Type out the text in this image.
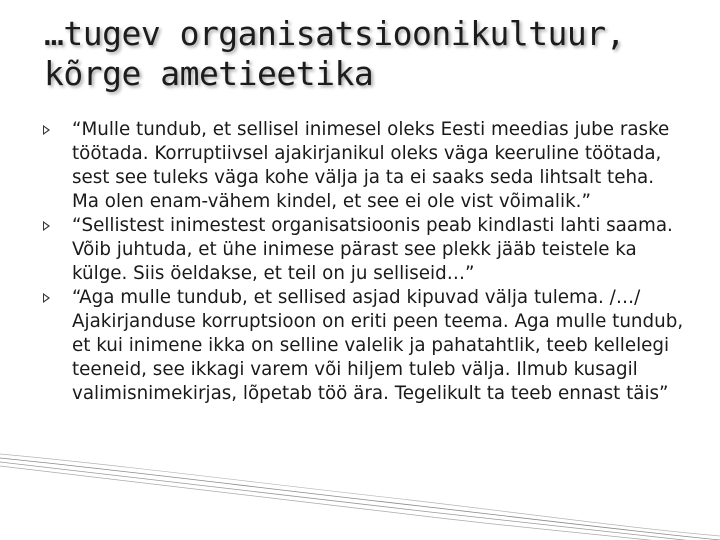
…tugev organisatsioonikultuur,
kõrge ametieetika
“Mulle tundub, et sellisel inimesel oleks Eesti meedias jube raske töötada. Korruptiivsel ajakirjanikul oleks väga keeruline töötada, sest see tuleks väga kohe välja ja ta ei saaks seda lihtsalt teha. Ma olen enam-vähem kindel, et see ei ole vist võimalik.”
“Sellistest inimestest organisatsioonis peab kindlasti lahti saama. Võib juhtuda, et ühe inimese pärast see plekk jääb teistele ka külge. Siis öeldakse, et teil on ju selliseid…”
“Aga mulle tundub, et sellised asjad kipuvad välja tulema. /…/ Ajakirjanduse korruptsioon on eriti peen teema. Aga mulle tundub, et kui inimene ikka on selline valelik ja pahatahtlik, teeb kellelegi teeneid, see ikkagi varem või hiljem tuleb välja. Ilmub kusagil valimisnimekirjas, lõpetab töö ära. Tegelikult ta teeb ennast täis”
